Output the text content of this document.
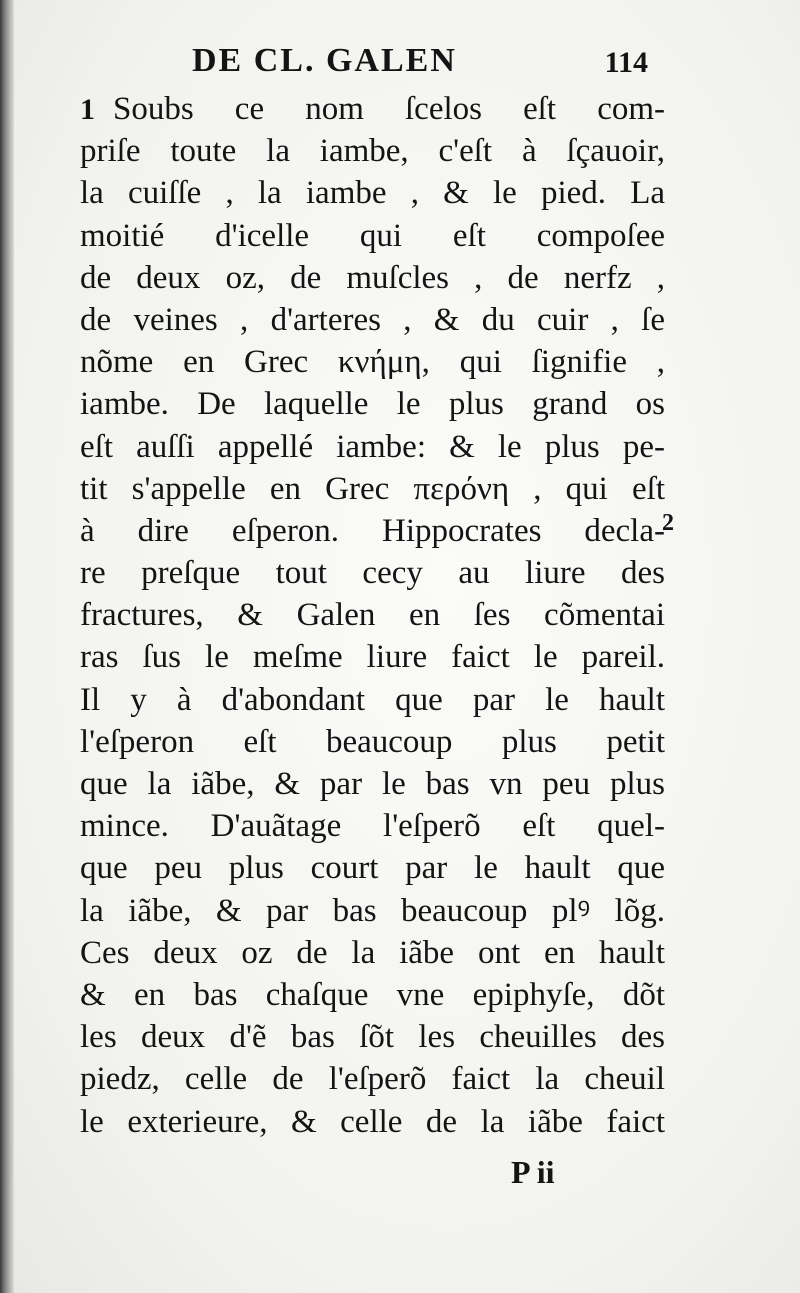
DE CL. GALEN	114
1 Soubs ce nom ſcelos eſt com-
priſe toute la iambe, c'eſt à ſçauoir,
la cuiſſe , la iambe , & le pied. La
moitié d'icelle qui eſt compoſee
de deux oz, de muſcles , de nerfz ,
de veines , d'arteres , & du cuir , ſe
nõme en Grec κνήμη, qui ſignifie ,
iambe. De laquelle le plus grand os
eſt auſſi appellé iambe: & le plus pe-
tit s'appelle en Grec περόνη , qui eſt
à dire eſperon. Hippocrates decla-
re preſque tout cecy au liure des
fractures, & Galen en ſes cõmentai
ras ſus le meſme liure faict le pareil.
Il y à d'abondant que par le hault
l'eſperon eſt beaucoup plus petit
que la iãbe, & par le bas vn peu plus
mince. D'auãtage l'eſperõ eſt quel-
que peu plus court par le hault que
la iãbe, & par bas beaucoup plꝰ lõg.
Ces deux oz de la iãbe ont en hault
& en bas chaſque vne epiphyſe, dõt
les deux d'ẽ bas ſõt les cheuilles des
piedz, celle de l'eſperõ faict la cheuil
le exterieure, & celle de la iãbe faict
2
P ii
